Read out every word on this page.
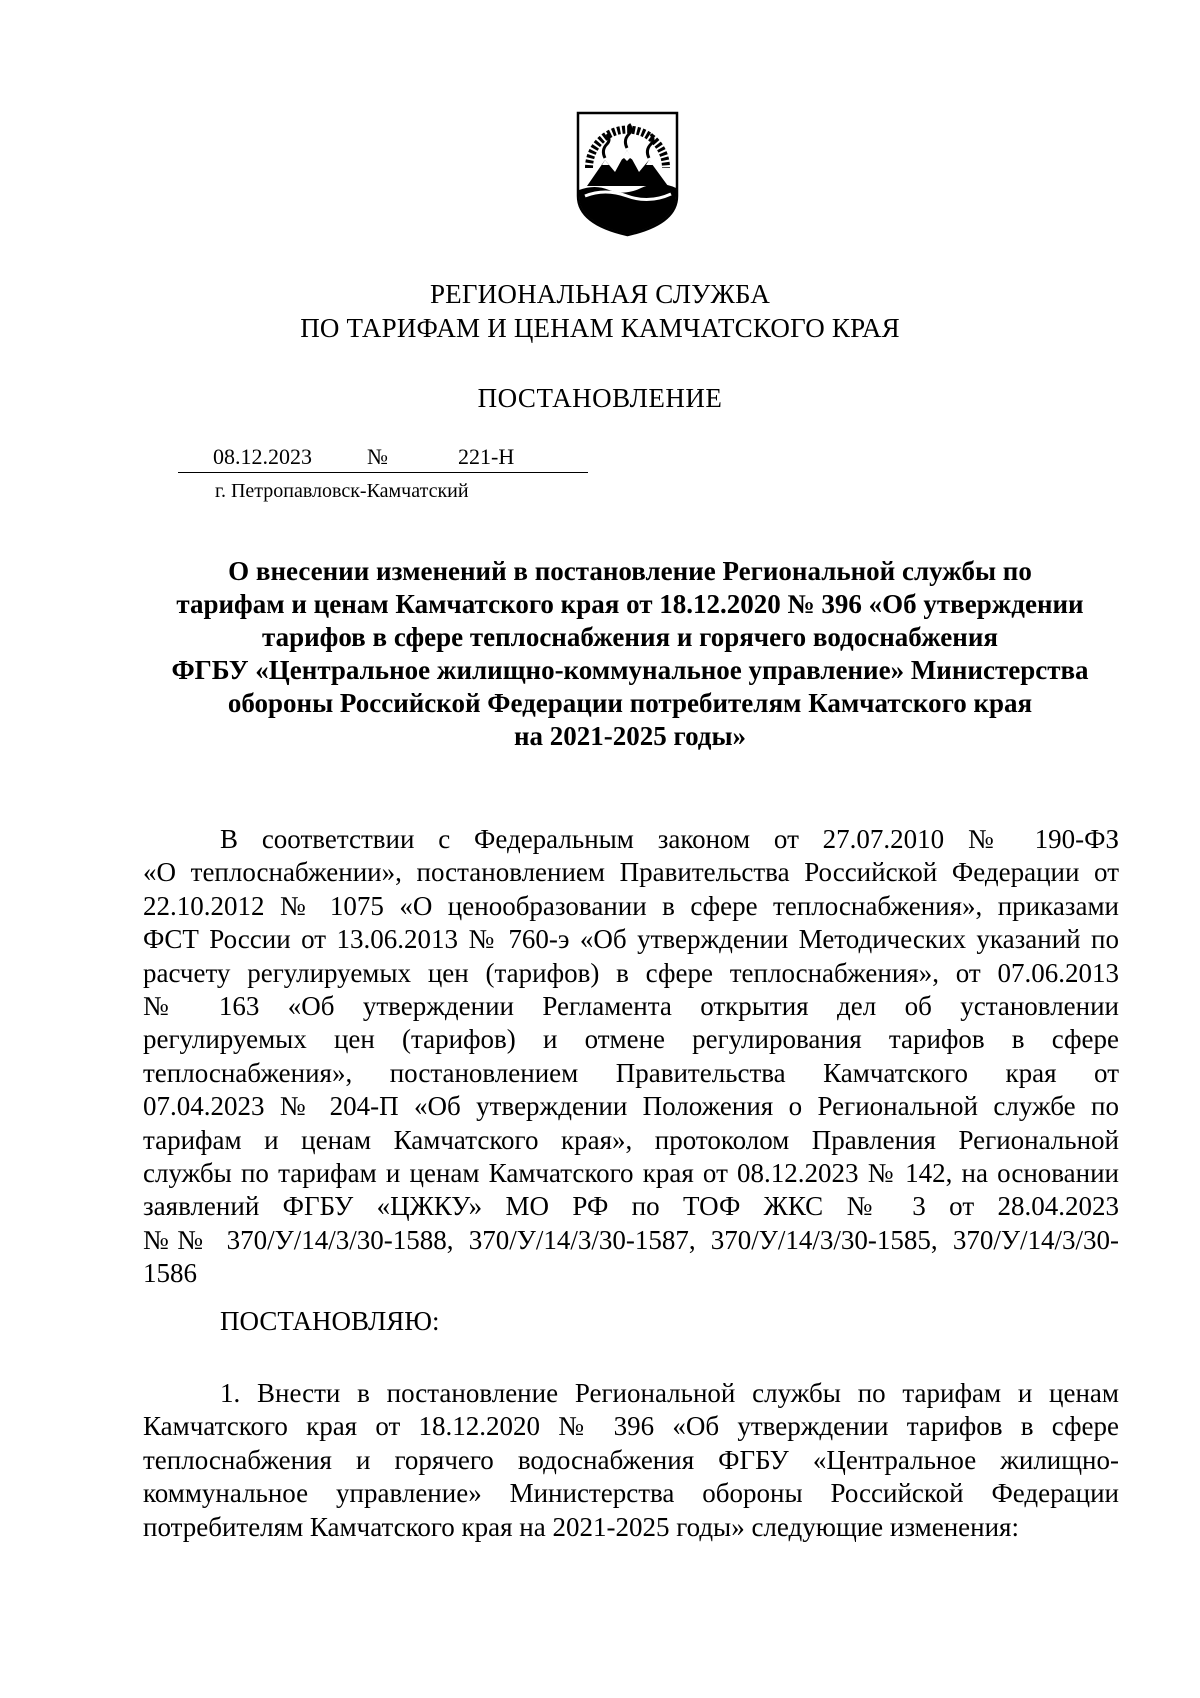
РЕГИОНАЛЬНАЯ СЛУЖБА
ПО ТАРИФАМ И ЦЕНАМ КАМЧАТСКОГО КРАЯ
ПОСТАНОВЛЕНИЕ
08.12.2023	№	221-Н
г. Петропавловск-Камчатский
О внесении изменений в постановление Региональной службы по
тарифам и ценам Камчатского края от 18.12.2020 № 396 «Об утверждении
тарифов в сфере теплоснабжения и горячего водоснабжения
ФГБУ «Центральное жилищно-коммунальное управление» Министерства
обороны Российской Федерации потребителям Камчатского края
на 2021-2025 годы»
В соответствии с Федеральным законом от 27.07.2010 № 190-ФЗ
«О теплоснабжении», постановлением Правительства Российской Федерации от
22.10.2012 № 1075 «О ценообразовании в сфере теплоснабжения», приказами
ФСТ России от 13.06.2013 № 760-э «Об утверждении Методических указаний по
расчету регулируемых цен (тарифов) в сфере теплоснабжения», от 07.06.2013
№ 163 «Об утверждении Регламента открытия дел об установлении
регулируемых цен (тарифов) и отмене регулирования тарифов в сфере
теплоснабжения», постановлением Правительства Камчатского края от
07.04.2023 № 204-П «Об утверждении Положения о Региональной службе по
тарифам и ценам Камчатского края», протоколом Правления Региональной
службы по тарифам и ценам Камчатского края от 08.12.2023 № 142, на основании
заявлений ФГБУ «ЦЖКУ» МО РФ по ТОФ ЖКС № 3 от 28.04.2023
№№ 370/У/14/3/30-1588, 370/У/14/3/30-1587, 370/У/14/3/30-1585, 370/У/14/3/30-
1586
ПОСТАНОВЛЯЮ:
1. Внести в постановление Региональной службы по тарифам и ценам
Камчатского края от 18.12.2020 № 396 «Об утверждении тарифов в сфере
теплоснабжения и горячего водоснабжения ФГБУ «Центральное жилищно-
коммунальное управление» Министерства обороны Российской Федерации
потребителям Камчатского края на 2021-2025 годы» следующие изменения:
